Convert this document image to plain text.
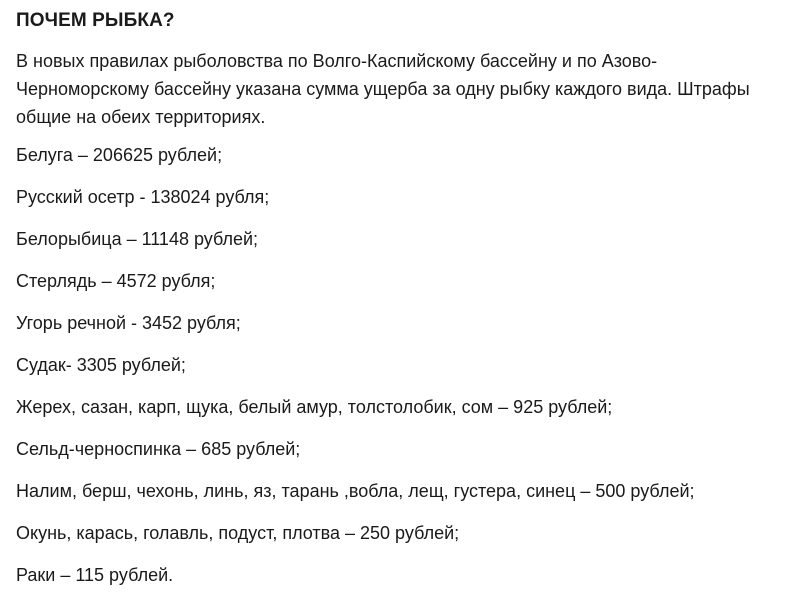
ПОЧЕМ РЫБКА?

В новых правилах рыболовства по Волго-Каспийскому бассейну и по Азово-Черноморскому бассейну указана сумма ущерба за одну рыбку каждого вида. Штрафы общие на обеих территориях.

Белуга – 206625 рублей;
Русский осетр - 138024 рубля;
Белорыбица – 11148 рублей;
Стерлядь – 4572 рубля;
Угорь речной - 3452 рубля;
Судак- 3305 рублей;
Жерех, сазан, карп, щука, белый амур, толстолобик, сом – 925 рублей;
Сельд-черноспинка – 685 рублей;
Налим, берш, чехонь, линь, яз, тарань ,вобла, лещ, густера, синец – 500 рублей;
Окунь, карась, голавль, подуст, плотва – 250 рублей;
Раки – 115 рублей.
